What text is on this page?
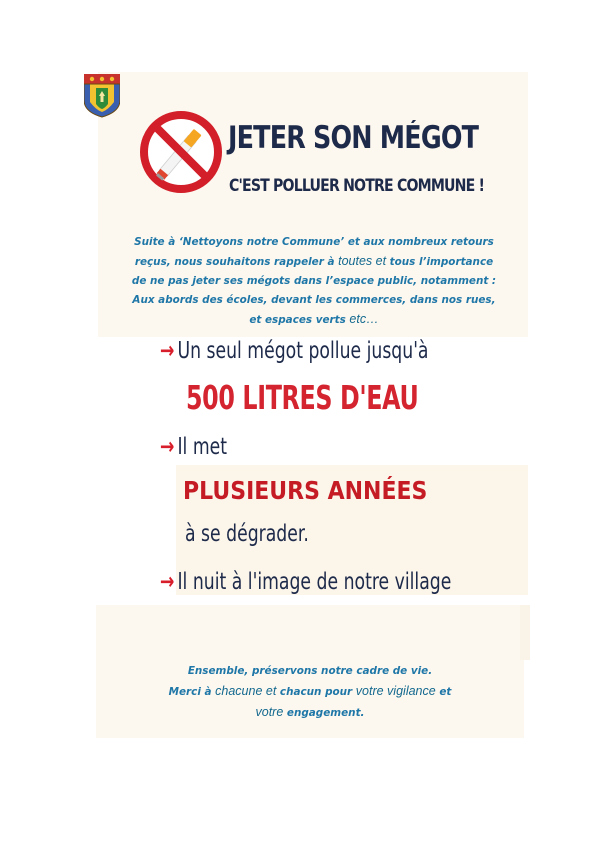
JETER SON MÉGOT
C'EST POLLUER NOTRE COMMUNE !
Suite à ‘Nettoyons notre Commune’ et aux nombreux retours
reçus, nous souhaitons rappeler à toutes et tous l’importance
de ne pas jeter ses mégots dans l’espace public, notamment :
Aux abords des écoles, devant les commerces, dans nos rues,
et espaces verts etc…
→ Un seul mégot pollue jusqu'à
500 LITRES D'EAU
→ Il met
PLUSIEURS ANNÉES
à se dégrader.
→ Il nuit à l'image de notre village
Ensemble, préservons notre cadre de vie.
Merci à chacune et chacun pour votre vigilance et
votre engagement.
